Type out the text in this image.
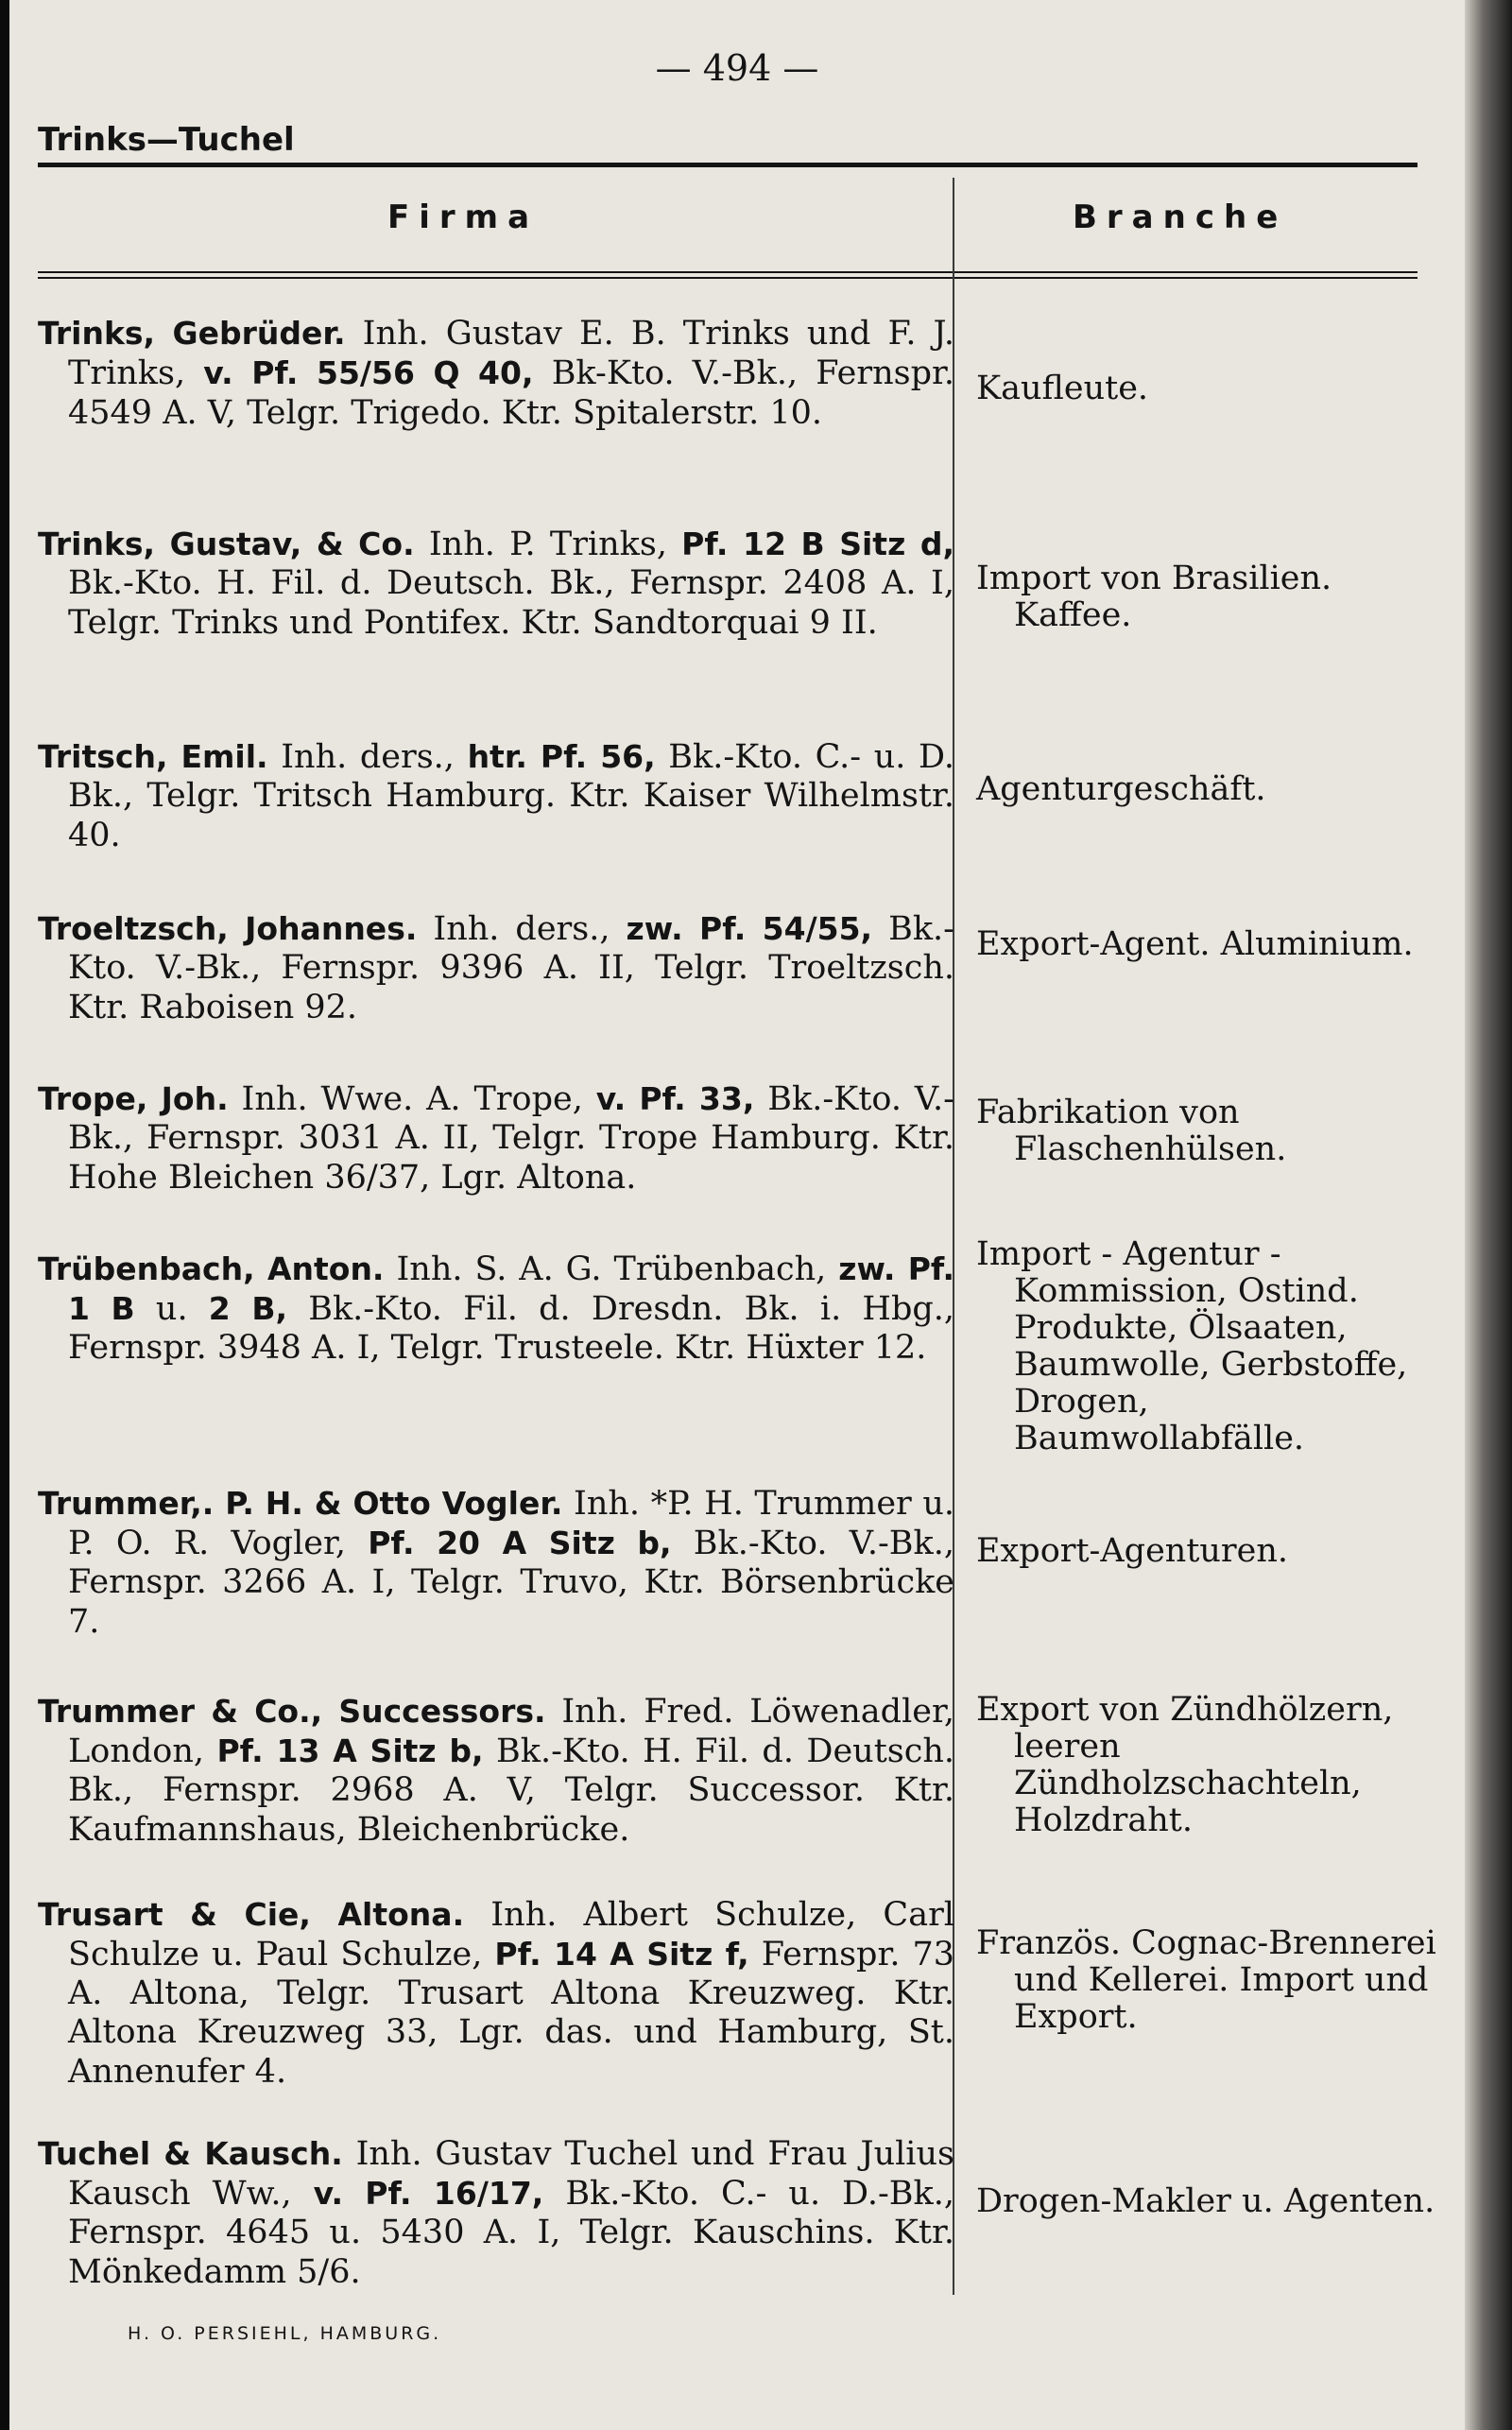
— 494 —
Trinks—Tuchel
Firma	Branche
Trinks, Gebrüder. Inh. Gustav E. B. Trinks und F. J. Trinks, v. Pf. 55/56 Q 40, Bk-Kto. V.-Bk., Fernspr. 4549 A. V, Telgr. Trigedo. Ktr. Spitalerstr. 10.
Kaufleute.
Trinks, Gustav, & Co. Inh. P. Trinks, Pf. 12 B Sitz d, Bk.-Kto. H. Fil. d. Deutsch. Bk., Fernspr. 2408 A. I, Telgr. Trinks und Pontifex. Ktr. Sandtorquai 9 II.
Import von Brasilien. Kaffee.
Tritsch, Emil. Inh. ders., htr. Pf. 56, Bk.-Kto. C.- u. D. Bk., Telgr. Tritsch Hamburg. Ktr. Kaiser Wilhelmstr. 40.
Agenturgeschäft.
Troeltzsch, Johannes. Inh. ders., zw. Pf. 54/55, Bk.-Kto. V.-Bk., Fernspr. 9396 A. II, Telgr. Troeltzsch. Ktr. Raboisen 92.
Export-Agent. Aluminium.
Trope, Joh. Inh. Wwe. A. Trope, v. Pf. 33, Bk.-Kto. V.-Bk., Fernspr. 3031 A. II, Telgr. Trope Hamburg. Ktr. Hohe Bleichen 36/37, Lgr. Altona.
Fabrikation von Flaschenhülsen.
Trübenbach, Anton. Inh. S. A. G. Trübenbach, zw. Pf. 1 B u. 2 B, Bk.-Kto. Fil. d. Dresdn. Bk. i. Hbg., Fernspr. 3948 A. I, Telgr. Trusteele. Ktr. Hüxter 12.
Import - Agentur - Kommission, Ostind. Produkte, Ölsaaten, Baumwolle, Gerbstoffe, Drogen, Baumwollabfälle.
Trummer,. P. H. & Otto Vogler. Inh. *P. H. Trummer u. P. O. R. Vogler, Pf. 20 A Sitz b, Bk.-Kto. V.-Bk., Fernspr. 3266 A. I, Telgr. Truvo, Ktr. Börsenbrücke 7.
Export-Agenturen.
Trummer & Co., Successors. Inh. Fred. Löwenadler, London, Pf. 13 A Sitz b, Bk.-Kto. H. Fil. d. Deutsch. Bk., Fernspr. 2968 A. V, Telgr. Successor. Ktr. Kaufmannshaus, Bleichenbrücke.
Export von Zündhölzern, leeren Zündholzschachteln, Holzdraht.
Trusart & Cie, Altona. Inh. Albert Schulze, Carl Schulze u. Paul Schulze, Pf. 14 A Sitz f, Fernspr. 73 A. Altona, Telgr. Trusart Altona Kreuzweg. Ktr. Altona Kreuzweg 33, Lgr. das. und Hamburg, St. Annenufer 4.
Französ. Cognac-Brennerei und Kellerei. Import und Export.
Tuchel & Kausch. Inh. Gustav Tuchel und Frau Julius Kausch Ww., v. Pf. 16/17, Bk.-Kto. C.- u. D.-Bk., Fernspr. 4645 u. 5430 A. I, Telgr. Kauschins. Ktr. Mönkedamm 5/6.
Drogen-Makler u. Agenten.
H. O. PERSIEHL, HAMBURG.
